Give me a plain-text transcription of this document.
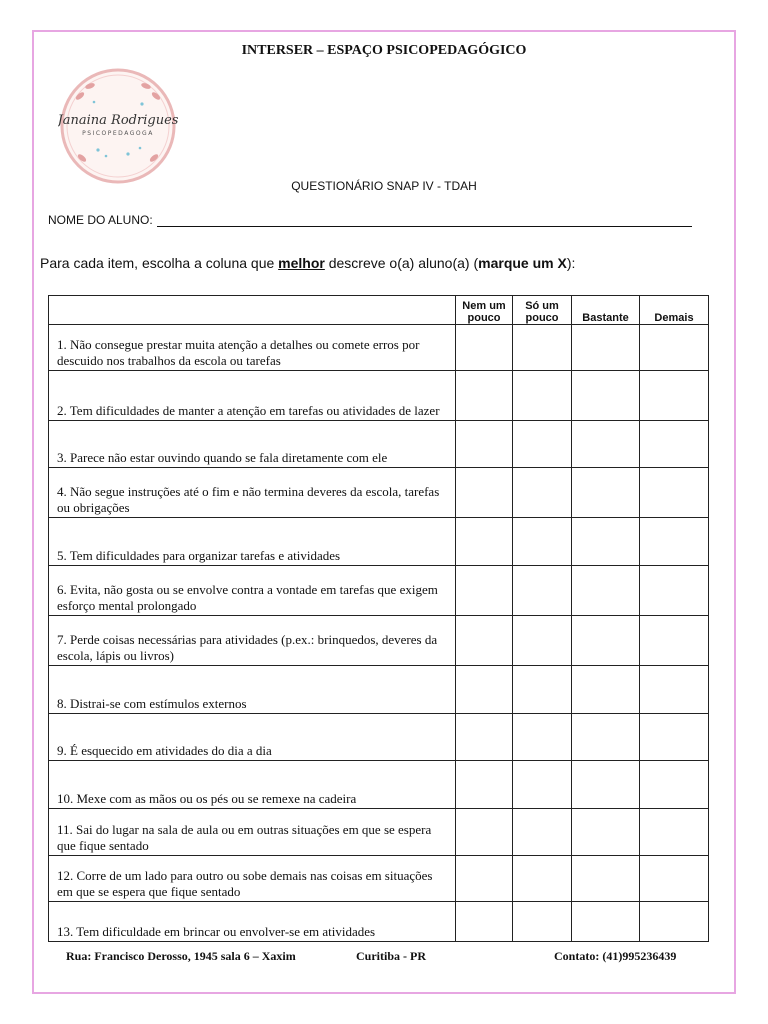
INTERSER – ESPAÇO PSICOPEDAGÓGICO
Janaina Rodrigues
PSICOPEDAGOGA
QUESTIONÁRIO SNAP IV - TDAH
NOME DO ALUNO:
Para cada item, escolha a coluna que melhor descreve o(a) aluno(a) (marque um X):
	Nem um pouco	Só um pouco	Bastante	Demais
1. Não consegue prestar muita atenção a detalhes ou comete erros por descuido nos trabalhos da escola ou tarefas				
2. Tem dificuldades de manter a atenção em tarefas ou atividades de lazer				
3. Parece não estar ouvindo quando se fala diretamente com ele				
4. Não segue instruções até o fim e não termina deveres da escola, tarefas ou obrigações				
5. Tem dificuldades para organizar tarefas e atividades				
6. Evita, não gosta ou se envolve contra a vontade em tarefas que exigem esforço mental prolongado				
7. Perde coisas necessárias para atividades (p.ex.: brinquedos, deveres da escola, lápis ou livros)				
8. Distrai-se com estímulos externos				
9. É esquecido em atividades do dia a dia				
10. Mexe com as mãos ou os pés ou se remexe na cadeira				
11. Sai do lugar na sala de aula ou em outras situações em que se espera que fique sentado				
12. Corre de um lado para outro ou sobe demais nas coisas em situações em que se espera que fique sentado				
13. Tem dificuldade em brincar ou envolver-se em atividades				
Rua: Francisco Derosso, 1945 sala 6 – Xaxim	Curitiba - PR	Contato: (41)995236439
